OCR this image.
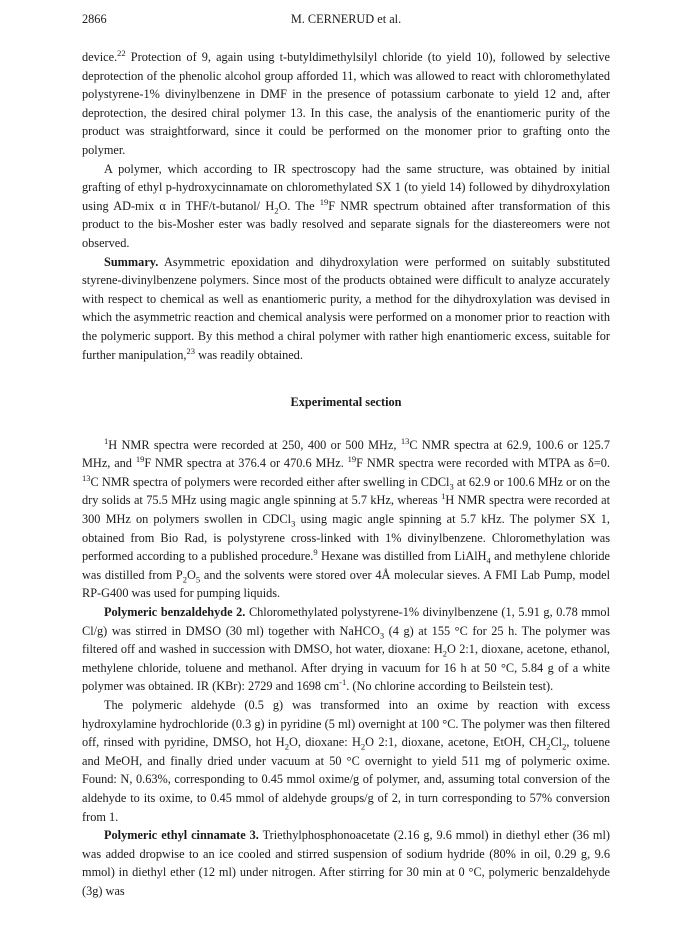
2866	M. CERNERUD et al.

device.$^{22}$ Protection of 9, again using t-butyldimethylsilyl chloride (to yield 10), followed by selective deprotection of the phenolic alcohol group afforded 11, which was allowed to react with chloromethylated polystyrene-1% divinylbenzene in DMF in the presence of potassium carbonate to yield 12 and, after deprotection, the desired chiral polymer 13. In this case, the analysis of the enantiomeric purity of the product was straightforward, since it could be performed on the monomer prior to grafting onto the polymer.

A polymer, which according to IR spectroscopy had the same structure, was obtained by initial grafting of ethyl p-hydroxycinnamate on chloromethylated SX 1 (to yield 14) followed by dihydroxylation using AD-mix α in THF/t-butanol/ $H_2O$. The $^{19}$F NMR spectrum obtained after transformation of this product to the bis-Mosher ester was badly resolved and separate signals for the diastereomers were not observed.

Summary. Asymmetric epoxidation and dihydroxylation were performed on suitably substituted styrene-divinylbenzene polymers. Since most of the products obtained were difficult to analyze accurately with respect to chemical as well as enantiomeric purity, a method for the dihydroxylation was devised in which the asymmetric reaction and chemical analysis were performed on a monomer prior to reaction with the polymeric support. By this method a chiral polymer with rather high enantiomeric excess, suitable for further manipulation,$^{23}$ was readily obtained.

Experimental section

$^1$H NMR spectra were recorded at 250, 400 or 500 MHz, $^{13}$C NMR spectra at 62.9, 100.6 or 125.7 MHz, and $^{19}$F NMR spectra at 376.4 or 470.6 MHz. $^{19}$F NMR spectra were recorded with MTPA as δ=0. $^{13}$C NMR spectra of polymers were recorded either after swelling in CDCl$_3$ at 62.9 or 100.6 MHz or on the dry solids at 75.5 MHz using magic angle spinning at 5.7 kHz, whereas $^1$H NMR spectra were recorded at 300 MHz on polymers swollen in CDCl$_3$ using magic angle spinning at 5.7 kHz. The polymer SX 1, obtained from Bio Rad, is polystyrene cross-linked with 1% divinylbenzene. Chloromethylation was performed according to a published procedure.$^9$ Hexane was distilled from LiAlH$_4$ and methylene chloride was distilled from $P_2O_5$ and the solvents were stored over 4Å molecular sieves. A FMI Lab Pump, model RP-G400 was used for pumping liquids.

Polymeric benzaldehyde 2. Chloromethylated polystyrene-1% divinylbenzene (1, 5.91 g, 0.78 mmol Cl/g) was stirred in DMSO (30 ml) together with NaHCO$_3$ (4 g) at 155 °C for 25 h. The polymer was filtered off and washed in succession with DMSO, hot water, dioxane: $H_2O$ 2:1, dioxane, acetone, ethanol, methylene chloride, toluene and methanol. After drying in vacuum for 16 h at 50 °C, 5.84 g of a white polymer was obtained. IR (KBr): 2729 and 1698 $cm^{-1}$. (No chlorine according to Beilstein test).

The polymeric aldehyde (0.5 g) was transformed into an oxime by reaction with excess hydroxylamine hydrochloride (0.3 g) in pyridine (5 ml) overnight at 100 °C. The polymer was then filtered off, rinsed with pyridine, DMSO, hot $H_2O$, dioxane: $H_2O$ 2:1, dioxane, acetone, EtOH, $CH_2Cl_2$, toluene and MeOH, and finally dried under vacuum at 50 °C overnight to yield 511 mg of polymeric oxime. Found: N, 0.63%, corresponding to 0.45 mmol oxime/g of polymer, and, assuming total conversion of the aldehyde to its oxime, to 0.45 mmol of aldehyde groups/g of 2, in turn corresponding to 57% conversion from 1.

Polymeric ethyl cinnamate 3. Triethylphosphonoacetate (2.16 g, 9.6 mmol) in diethyl ether (36 ml) was added dropwise to an ice cooled and stirred suspension of sodium hydride (80% in oil, 0.29 g, 9.6 mmol) in diethyl ether (12 ml) under nitrogen. After stirring for 30 min at 0 °C, polymeric benzaldehyde (3g) was
